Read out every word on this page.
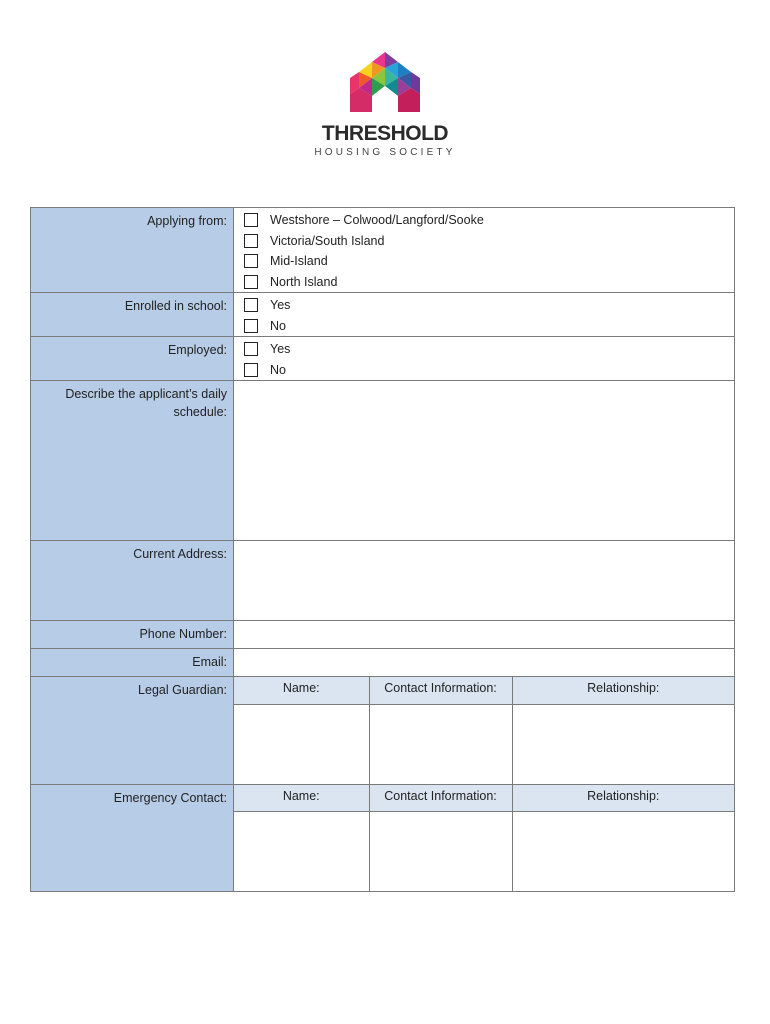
THRESHOLD
HOUSING SOCIETY
Applying from:	Westshore – Colwood/Langford/Sooke
Victoria/South Island
Mid-Island
North Island

Enrolled in school:	Yes
No

Employed:	Yes
No

Describe the applicant’s daily schedule:	
Current Address:	
Phone Number:	
Email:	
Legal Guardian:		Name:	Contact Information:	Relationship:

Emergency Contact:		Name:	Contact Information:	Relationship:
